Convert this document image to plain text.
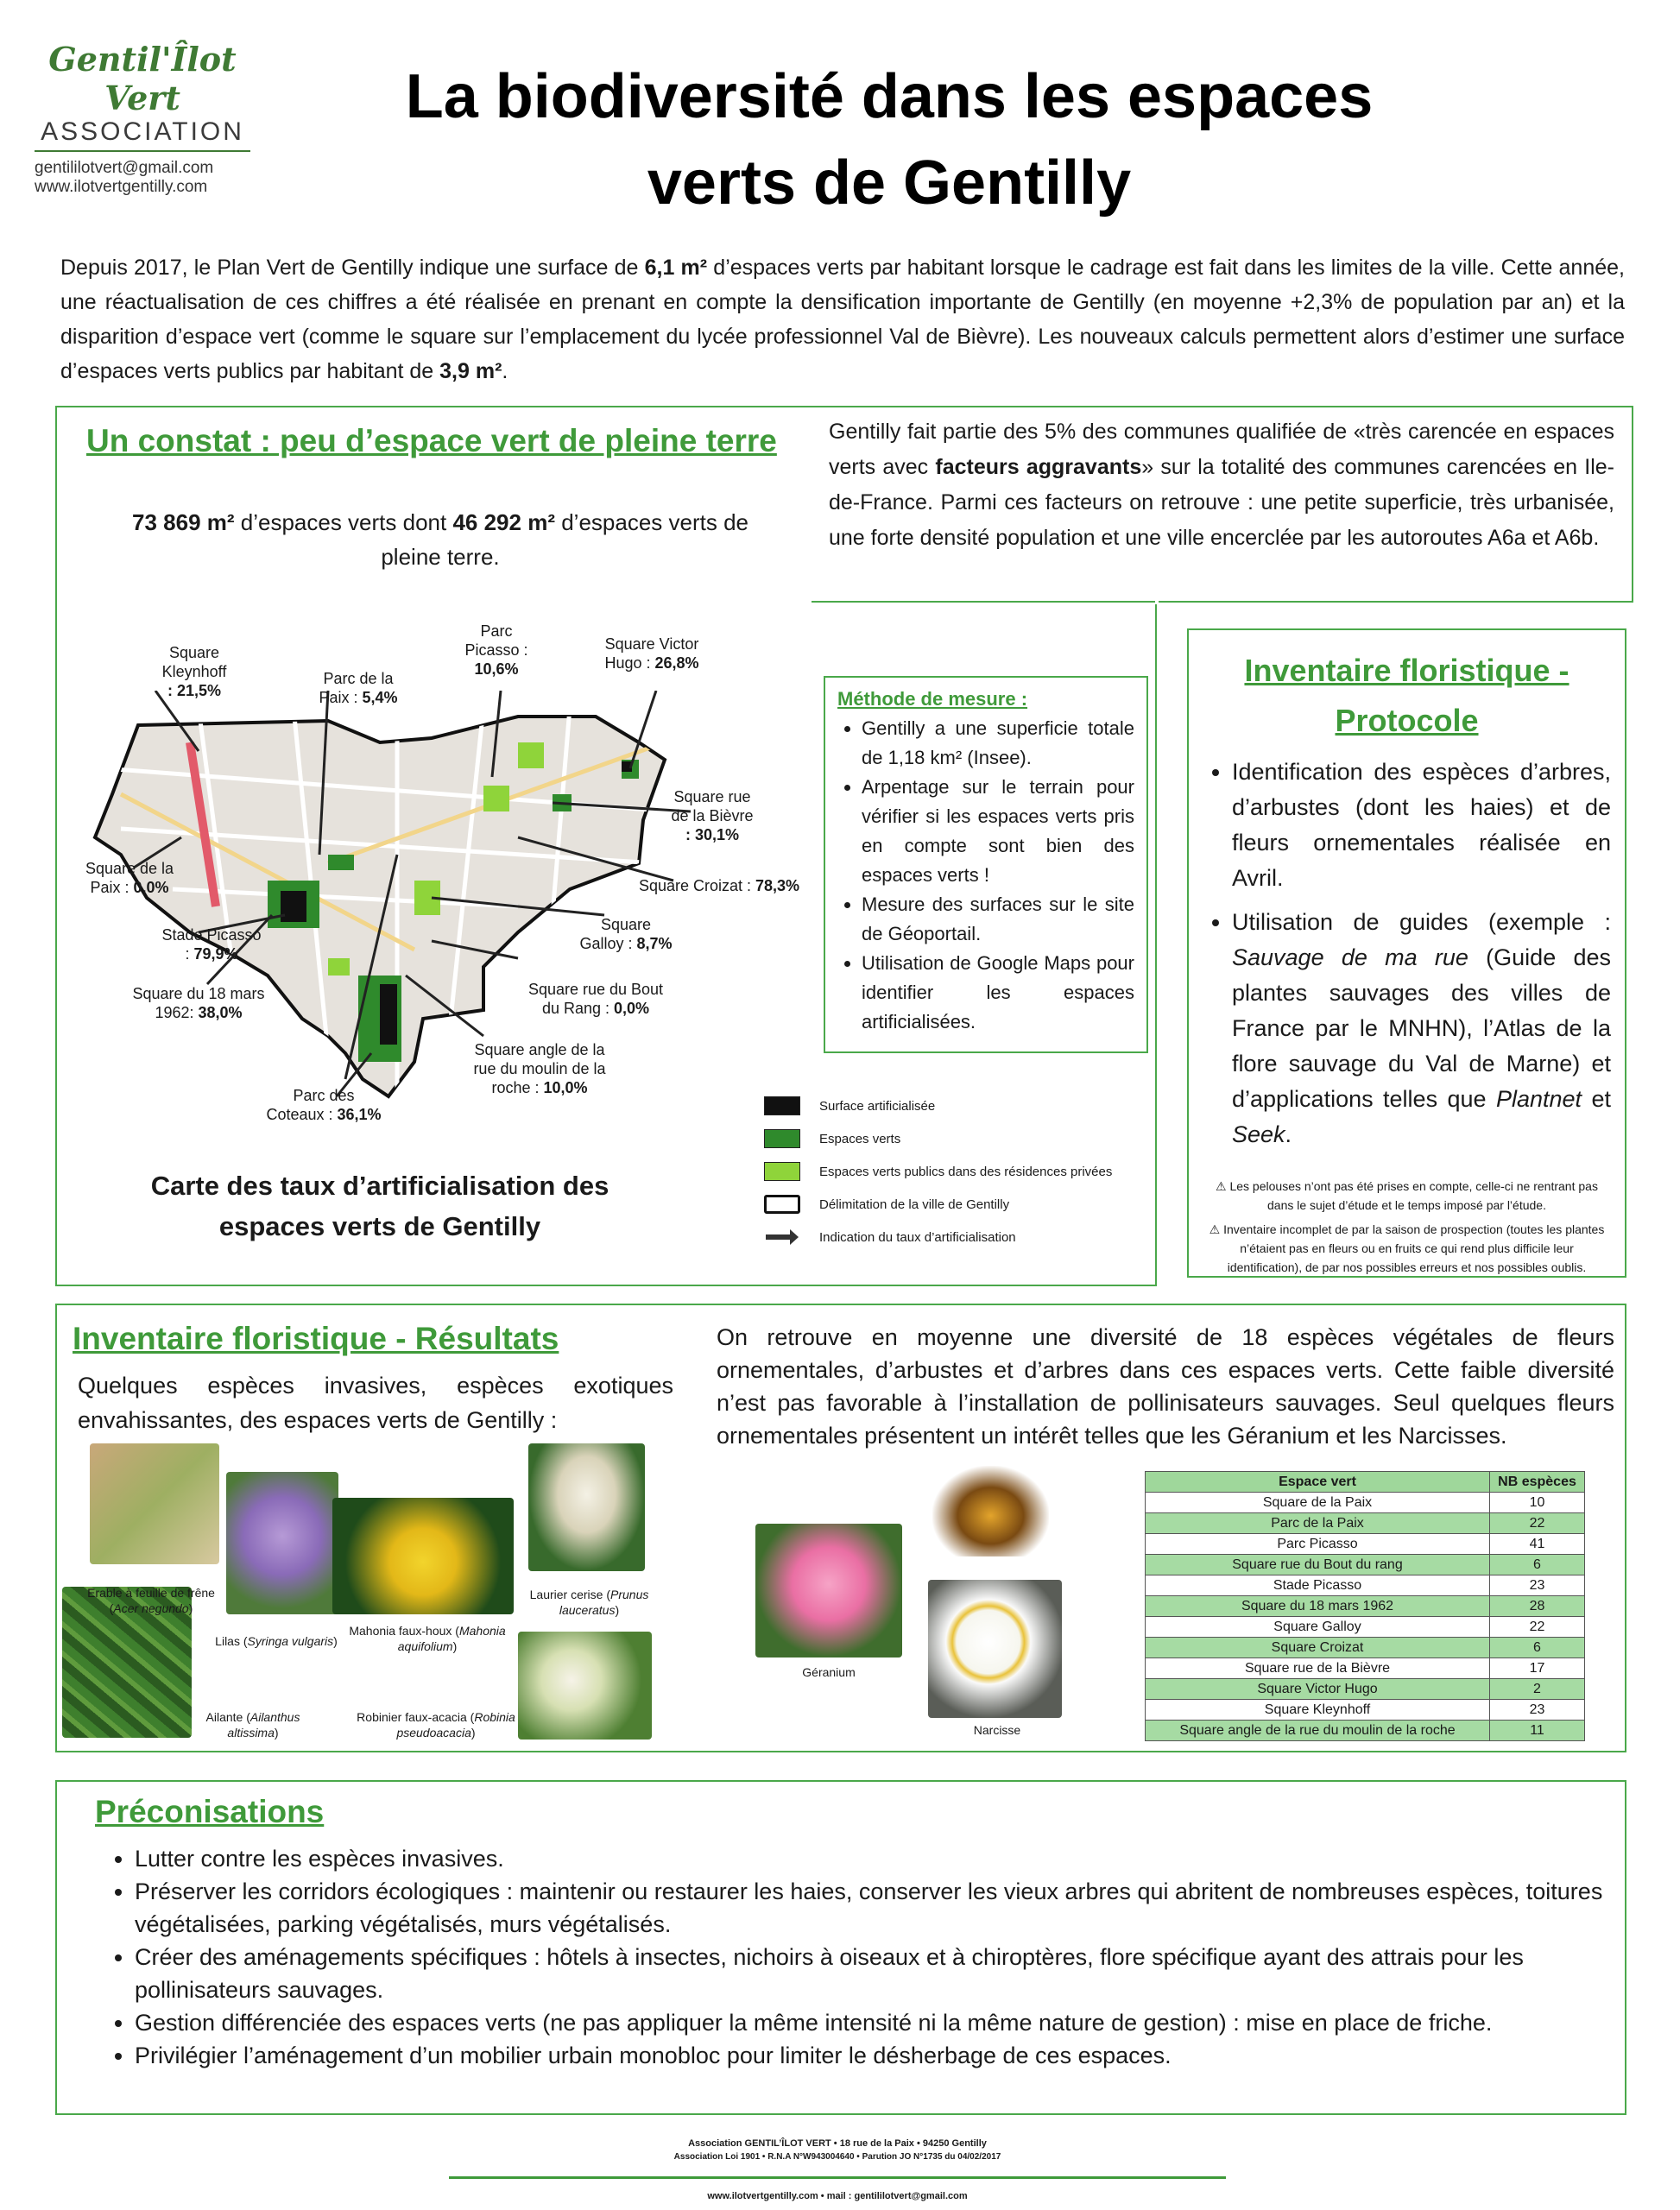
Gentil'Îlot Vert
ASSOCIATION
gentililotvert@gmail.com
www.ilotvertgentilly.com
La biodiversité dans les espaces
verts de Gentilly
Depuis 2017, le Plan Vert de Gentilly indique une surface de 6,1 m² d’espaces verts par habitant lorsque le cadrage est fait dans les limites de la ville. Cette année, une réactualisation de ces chiffres a été réalisée en prenant en compte la densification importante de Gentilly (en moyenne +2,3% de population par an) et la disparition d’espace vert (comme le square sur l’emplacement du lycée professionnel Val de Bièvre). Les nouveaux calculs permettent alors d’estimer une surface d’espaces verts publics par habitant de 3,9 m².
Un constat : peu d’espace vert de pleine terre
73 869 m² d’espaces verts dont 46 292 m² d’espaces verts de pleine terre.
Gentilly fait partie des 5% des communes qualifiée de «très carencée en espaces verts avec facteurs aggravants» sur la totalité des communes carencées en Ile-de-France. Parmi ces facteurs on retrouve : une petite superficie, très urbanisée, une forte densité population et une ville encerclée par les autoroutes A6a et A6b.
Square
Kleynhoff
: 21,5%
Parc de la
Paix : 5,4%
Parc
Picasso :
10,6%
Square Victor
Hugo : 26,8%
Square rue
de la Bièvre
: 30,1%
Square de la
Paix : 0,0%	Square Croizat : 78,3%
Stade Picasso
: 79,9%
Square
Galloy : 8,7%
Square du 18 mars
1962: 38,0%
Square rue du Bout
du Rang : 0,0%
Square angle de la
rue du moulin de la
roche : 10,0%
Parc des
Coteaux : 36,1%
Carte des taux d’artificialisation des espaces verts de Gentilly
Surface artificialisée
Espaces verts
Espaces verts publics dans des résidences privées
Délimitation de la ville de Gentilly
Indication du taux d’artificialisation
Méthode de mesure :
• Gentilly a une superficie totale de 1,18 km² (Insee).
• Arpentage sur le terrain pour vérifier si les espaces verts pris en compte sont bien des espaces verts !
• Mesure des surfaces sur le site de Géoportail.
• Utilisation de Google Maps pour identifier les espaces artificialisées.
Inventaire floristique -
Protocole
• Identification des espèces d’arbres, d’arbustes (dont les haies) et de fleurs ornementales réalisée en Avril.
• Utilisation de guides (exemple : Sauvage de ma rue (Guide des plantes sauvages des villes de France par le MNHN), l’Atlas de la flore sauvage du Val de Marne) et d’applications telles que Plantnet et Seek.
⚠ Les pelouses n’ont pas été prises en compte, celle-ci ne rentrant pas dans le sujet d’étude et le temps imposé par l’étude.
⚠ Inventaire incomplet de par la saison de prospection (toutes les plantes n’étaient pas en fleurs ou en fruits ce qui rend plus difficile leur identification), de par nos possibles erreurs et nos possibles oublis.
Inventaire floristique - Résultats
Quelques espèces invasives, espèces exotiques envahissantes, des espaces verts de Gentilly :
Erable à feuille de frêne (Acer negundo)
Lilas (Syringa vulgaris)
Mahonia faux-houx (Mahonia aquifolium)
Laurier cerise (Prunus lauceratus)
Ailante (Ailanthus altissima)
Robinier faux-acacia (Robinia pseudoacacia)
On retrouve en moyenne une diversité de 18 espèces végétales de fleurs ornementales, d’arbustes et d’arbres dans ces espaces verts. Cette faible diversité n’est pas favorable à l’installation de pollinisateurs sauvages. Seul quelques fleurs ornementales présentent un intérêt telles que les Géranium et les Narcisses.
Géranium
Narcisse
Espace vert	NB espèces
Square de la Paix	10
Parc de la Paix	22
Parc Picasso	41
Square rue du Bout du rang	6
Stade Picasso	23
Square du 18 mars 1962	28
Square Galloy	22
Square Croizat	6
Square rue de la Bièvre	17
Square Victor Hugo	2
Square Kleynhoff	23
Square angle de la rue du moulin de la roche	11
Préconisations
• Lutter contre les espèces invasives.
• Préserver les corridors écologiques : maintenir ou restaurer les haies, conserver les vieux arbres qui abritent de nombreuses espèces, toitures végétalisées, parking végétalisés, murs végétalisés.
• Créer des aménagements spécifiques : hôtels à insectes, nichoirs à oiseaux et à chiroptères, flore spécifique ayant des attrais pour les pollinisateurs sauvages.
• Gestion différenciée des espaces verts (ne pas appliquer la même intensité ni la même nature de gestion) : mise en place de friche.
• Privilégier l’aménagement d’un mobilier urbain monobloc pour limiter le désherbage de ces espaces.
Association GENTIL’ÎLOT VERT • 18 rue de la Paix • 94250 Gentilly
Association Loi 1901 • R.N.A N°W943004640 • Parution JO N°1735 du 04/02/2017
www.ilotvertgentilly.com • mail : gentililotvert@gmail.com
